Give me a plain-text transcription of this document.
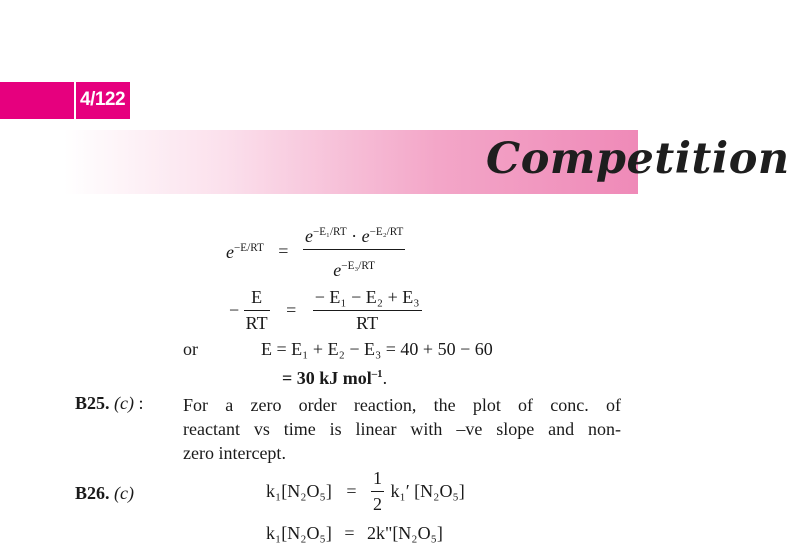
4/122
Competition
$e^{-E/RT} = \frac{e^{-E_1/RT} \cdot e^{-E_2/RT}}{e^{-E_3/RT}}$
− $\frac{E}{RT} = \frac{\text{− E₁ − E₂ + E₃}}{RT}$
or	E = E₁ + E₂ − E₃ = 40 + 50 − 60
= 30 kJ mol$^{-1}$.
B25. (c) : For a zero order reaction, the plot of conc. of
reactant vs time is linear with –ve slope and non-
zero intercept.
B26. (c)	$k_1[N_2O_5] = \frac{1}{2} k_1'$ [N₂O₅]
k₁[N₂O₅] = 2k"[N₂O₅]
